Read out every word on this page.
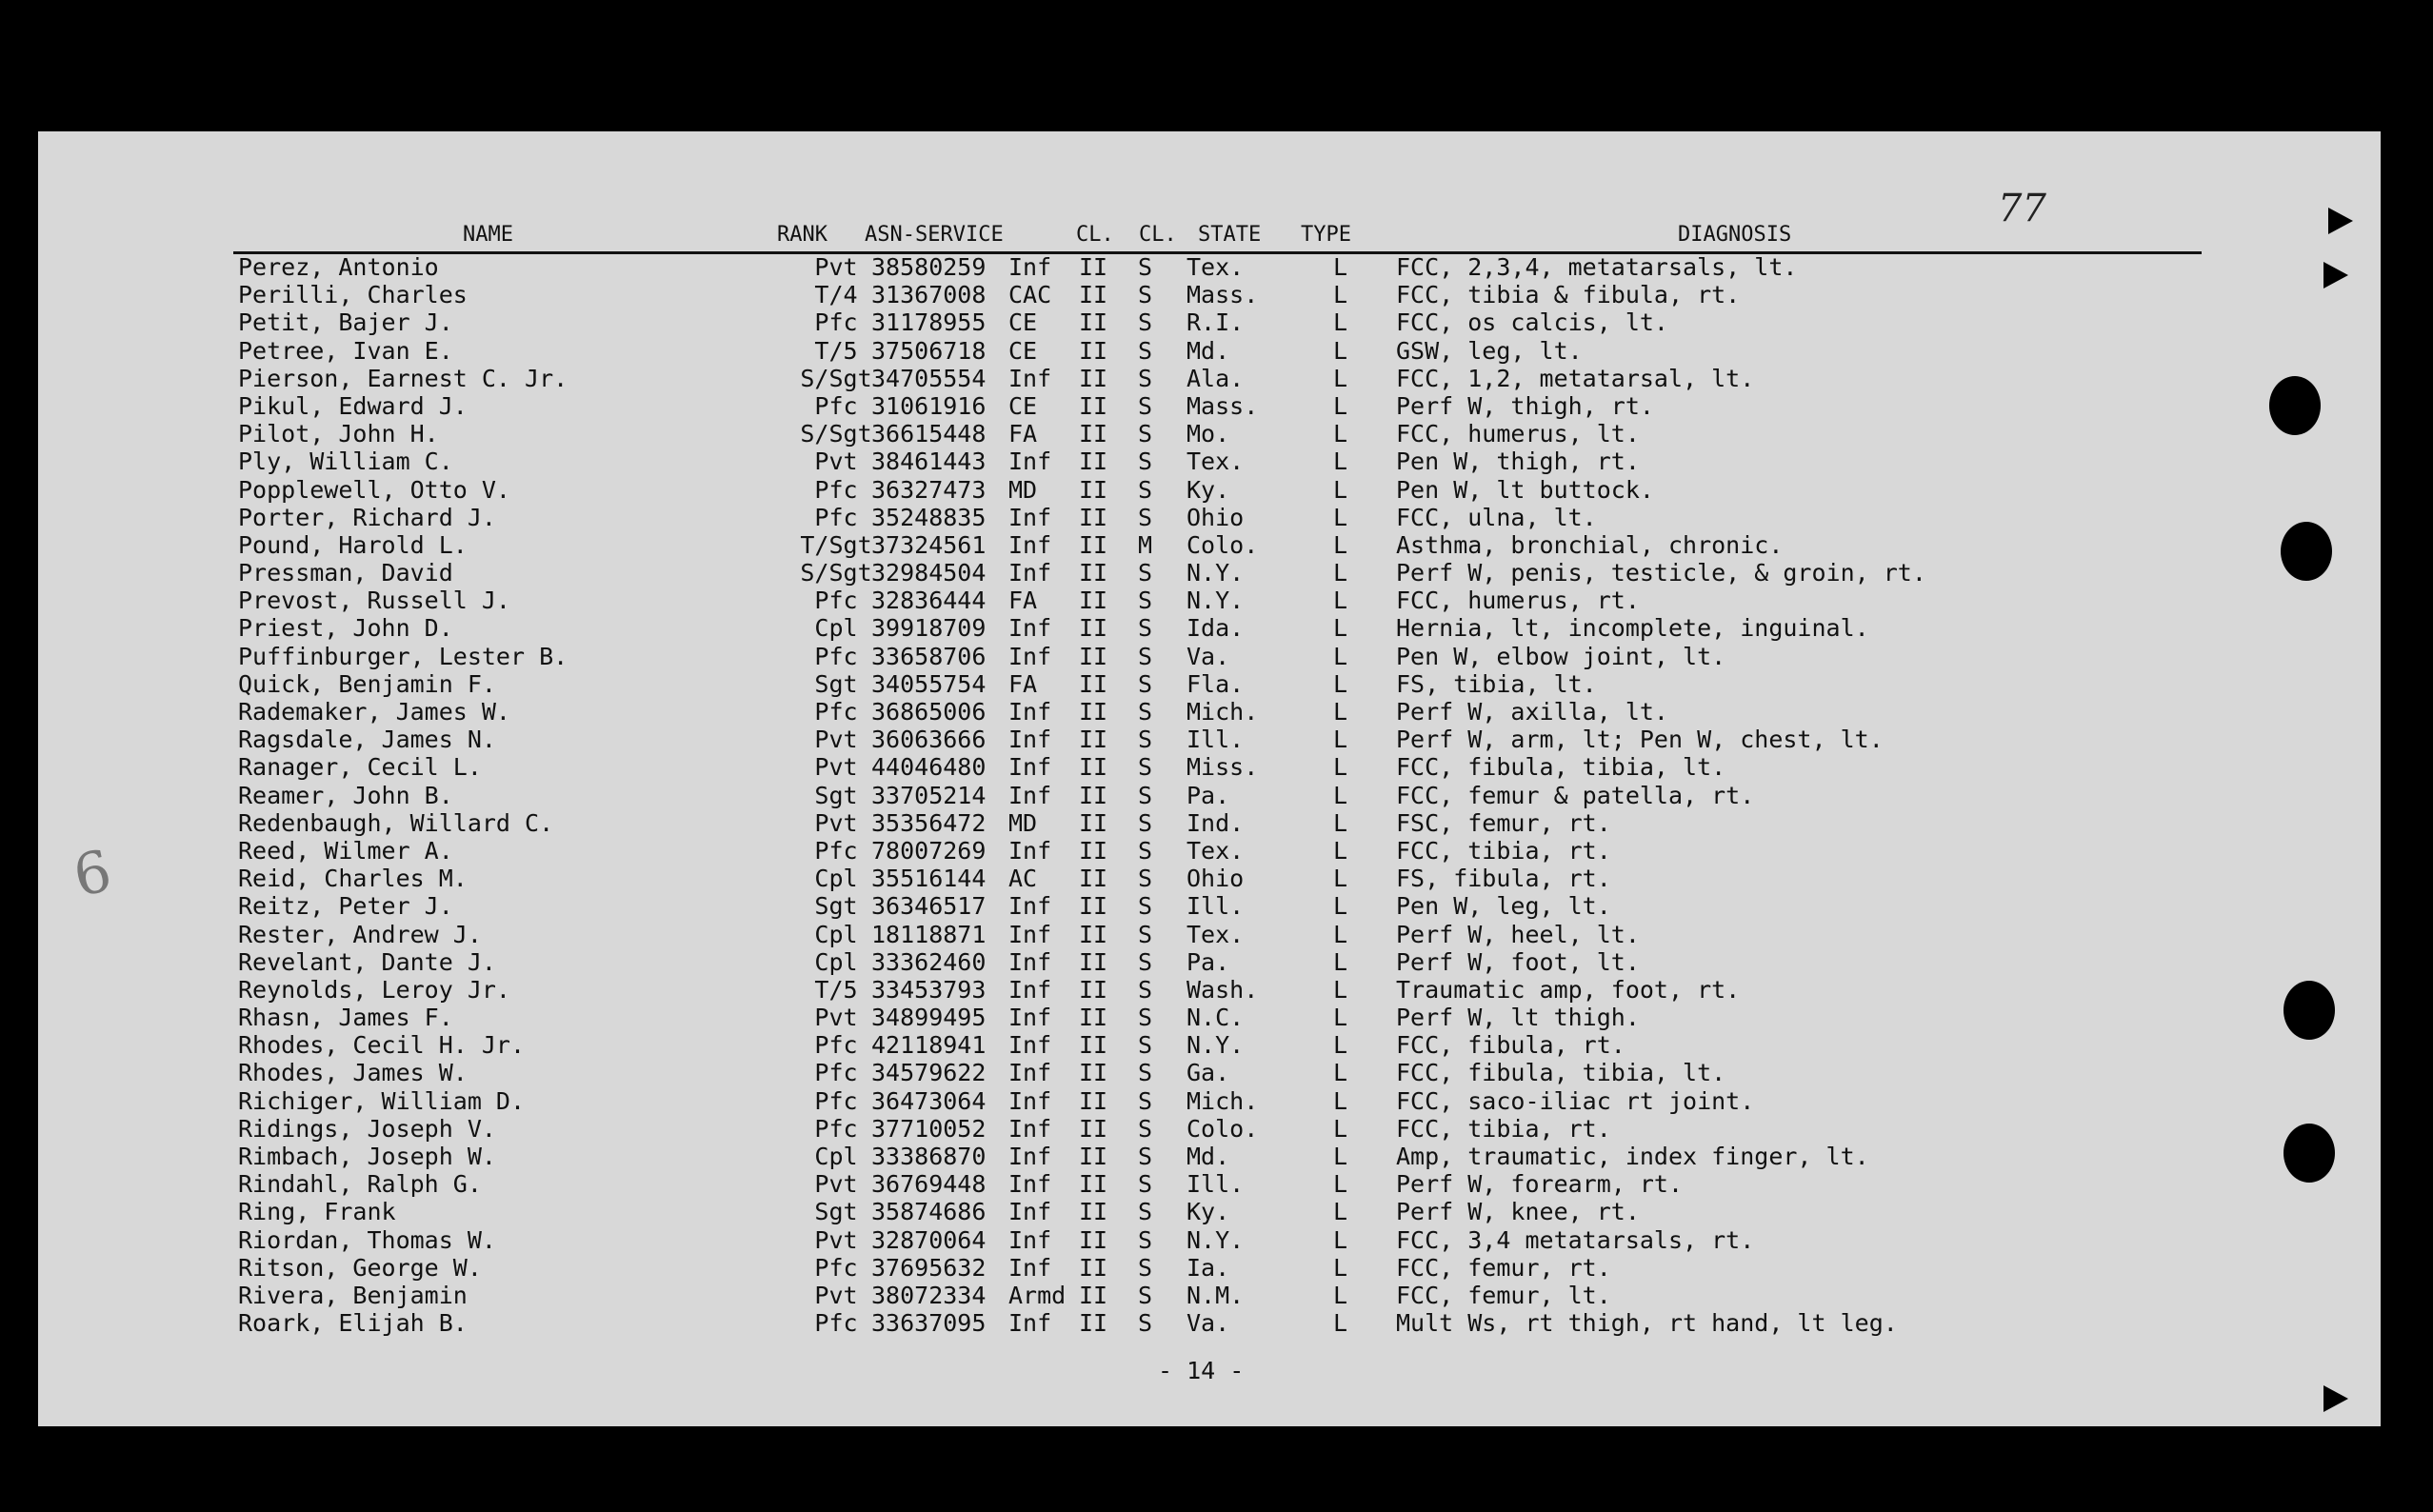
77
6
NAME	RANK ASN-SERVICE	CL. CL. STATE TYPE	DIAGNOSIS
Perez, Antonio	Pvt 38580259 Inf II S Tex.	L FCC, 2,3,4, metatarsals, lt.
Perilli, Charles	T/4 31367008 CAC II S Mass.	L FCC, tibia & fibula, rt.
Petit, Bajer J.	Pfc 31178955 CE II S R.I.	L FCC, os calcis, lt.
Petree, Ivan E.	T/5 37506718 CE II S Md.	L GSW, leg, lt.
Pierson, Earnest C. Jr.	S/Sgt 34705554 Inf II S Ala.	L FCC, 1,2, metatarsal, lt.
Pikul, Edward J.	Pfc 31061916 CE II S Mass.	L Perf W, thigh, rt.
Pilot, John H.	S/Sgt 36615448 FA II S Mo.	L FCC, humerus, lt.
Ply, William C.	Pvt 38461443 Inf II S Tex.	L Pen W, thigh, rt.
Popplewell, Otto V.	Pfc 36327473 MD II S Ky.	L Pen W, lt buttock.
Porter, Richard J.	Pfc 35248835 Inf II S Ohio	L FCC, ulna, lt.
Pound, Harold L.	T/Sgt 37324561 Inf II M Colo.	L Asthma, bronchial, chronic.
Pressman, David	S/Sgt 32984504 Inf II S N.Y.	L Perf W, penis, testicle, & groin, rt.
Prevost, Russell J.	Pfc 32836444 FA II S N.Y.	L FCC, humerus, rt.
Priest, John D.	Cpl 39918709 Inf II S Ida.	L Hernia, lt, incomplete, inguinal.
Puffinburger, Lester B.	Pfc 33658706 Inf II S Va.	L Pen W, elbow joint, lt.
Quick, Benjamin F.	Sgt 34055754 FA II S Fla.	L FS, tibia, lt.
Rademaker, James W.	Pfc 36865006 Inf II S Mich.	L Perf W, axilla, lt.
Ragsdale, James N.	Pvt 36063666 Inf II S Ill.	L Perf W, arm, lt; Pen W, chest, lt.
Ranager, Cecil L.	Pvt 44046480 Inf II S Miss.	L FCC, fibula, tibia, lt.
Reamer, John B.	Sgt 33705214 Inf II S Pa.	L FCC, femur & patella, rt.
Redenbaugh, Willard C.	Pvt 35356472 MD II S Ind.	L FSC, femur, rt.
Reed, Wilmer A.	Pfc 78007269 Inf II S Tex.	L FCC, tibia, rt.
Reid, Charles M.	Cpl 35516144 AC II S Ohio	L FS, fibula, rt.
Reitz, Peter J.	Sgt 36346517 Inf II S Ill.	L Pen W, leg, lt.
Rester, Andrew J.	Cpl 18118871 Inf II S Tex.	L Perf W, heel, lt.
Revelant, Dante J.	Cpl 33362460 Inf II S Pa.	L Perf W, foot, lt.
Reynolds, Leroy Jr.	T/5 33453793 Inf II S Wash.	L Traumatic amp, foot, rt.
Rhasn, James F.	Pvt 34899495 Inf II S N.C.	L Perf W, lt thigh.
Rhodes, Cecil H. Jr.	Pfc 42118941 Inf II S N.Y.	L FCC, fibula, rt.
Rhodes, James W.	Pfc 34579622 Inf II S Ga.	L FCC, fibula, tibia, lt.
Richiger, William D.	Pfc 36473064 Inf II S Mich.	L FCC, saco-iliac rt joint.
Ridings, Joseph V.	Pfc 37710052 Inf II S Colo.	L FCC, tibia, rt.
Rimbach, Joseph W.	Cpl 33386870 Inf II S Md.	L Amp, traumatic, index finger, lt.
Rindahl, Ralph G.	Pvt 36769448 Inf II S Ill.	L Perf W, forearm, rt.
Ring, Frank	Sgt 35874686 Inf II S Ky.	L Perf W, knee, rt.
Riordan, Thomas W.	Pvt 32870064 Inf II S N.Y.	L FCC, 3,4 metatarsals, rt.
Ritson, George W.	Pfc 37695632 Inf II S Ia.	L FCC, femur, rt.
Rivera, Benjamin	Pvt 38072334 Armd II S N.M.	L FCC, femur, lt.
Roark, Elijah B.	Pfc 33637095 Inf II S Va.	L Mult Ws, rt thigh, rt hand, lt leg.
- 14 -
